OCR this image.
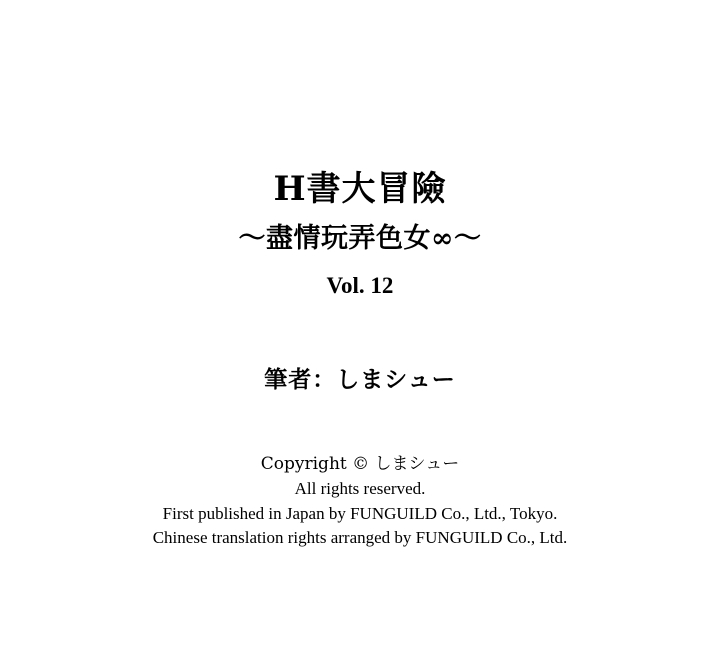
H書大冒險
～盡情玩弄色女∞～
Vol. 12
筆者：しまシュー
Copyright © しまシュー
All rights reserved.
First published in Japan by FUNGUILD Co., Ltd., Tokyo.
Chinese translation rights arranged by FUNGUILD Co., Ltd.
